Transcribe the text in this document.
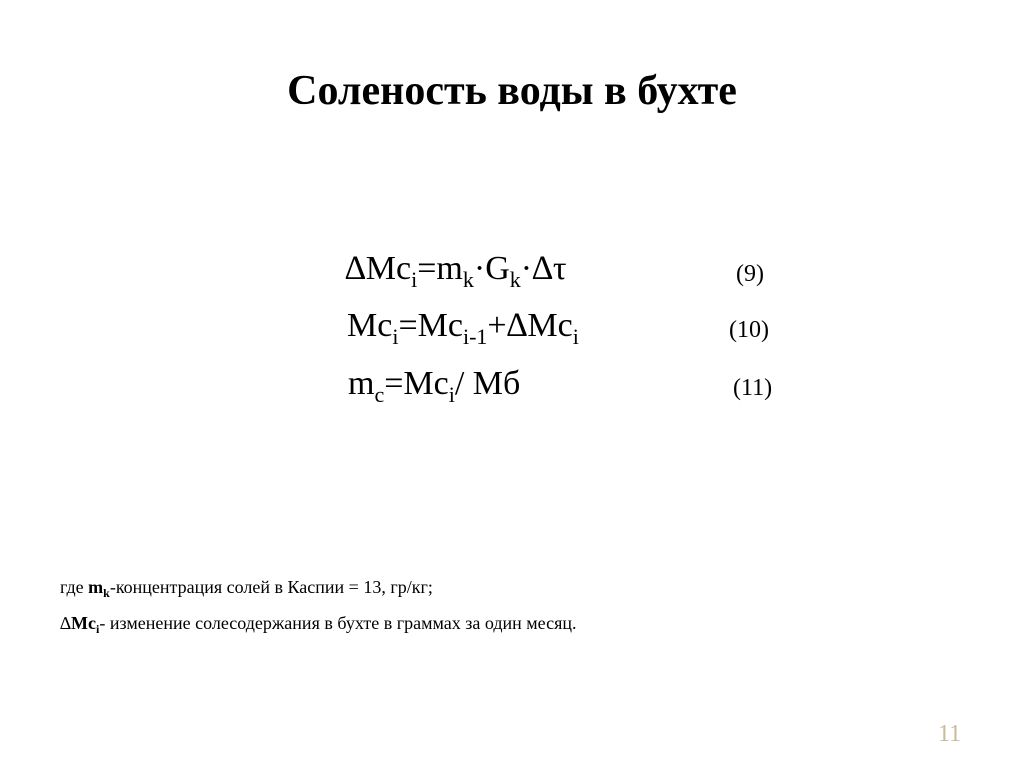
Соленость воды в бухте
$\Delta Mc_i=m_k\cdot G_k\cdot\Delta\tau$	(9)
$Mc_i=Mc_{i-1}+\Delta Mc_i$	(10)
$m_c=Mc_i/$ Mб	(11)
где $m_k$-концентрация солей в Каспии = 13, гр/кг;
$\Delta Mc_i-$ изменение солесодержания в бухте в граммах за один месяц.
11
